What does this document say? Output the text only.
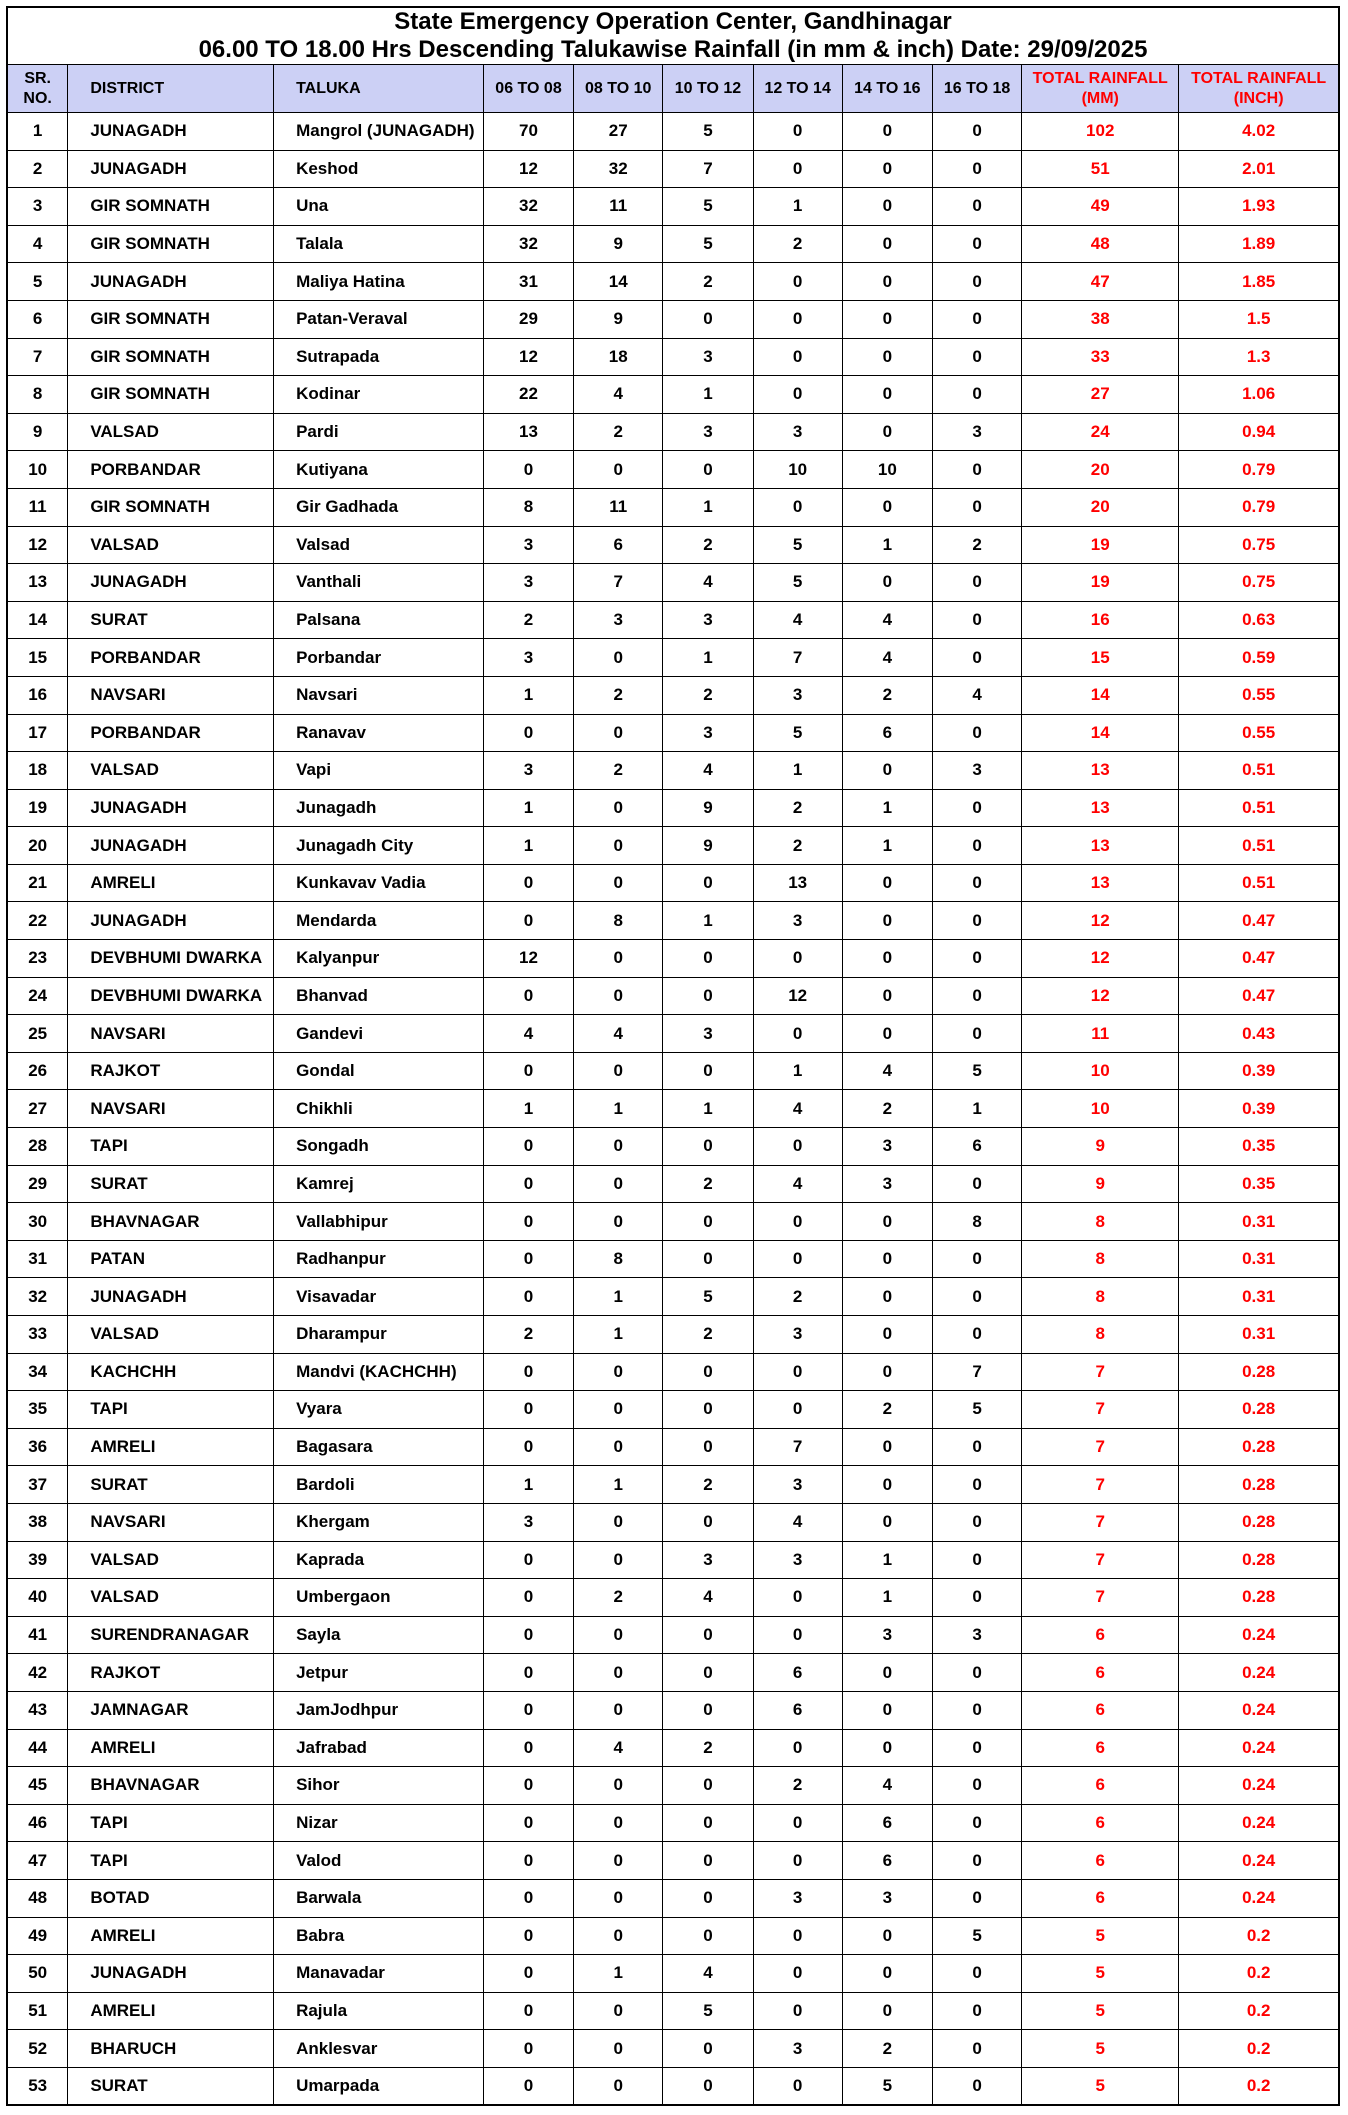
State Emergency Operation Center, Gandhinagar
06.00 TO 18.00 Hrs Descending Talukawise Rainfall (in mm & inch) Date: 29/09/2025
SR. NO.	DISTRICT	TALUKA	06 TO 08	08 TO 10	10 TO 12	12 TO 14	14 TO 16	16 TO 18	TOTAL RAINFALL (MM)	TOTAL RAINFALL (INCH)
1	JUNAGADH	Mangrol (JUNAGADH)	70	27	5	0	0	0	102	4.02
2	JUNAGADH	Keshod	12	32	7	0	0	0	51	2.01
3	GIR SOMNATH	Una	32	11	5	1	0	0	49	1.93
4	GIR SOMNATH	Talala	32	9	5	2	0	0	48	1.89
5	JUNAGADH	Maliya Hatina	31	14	2	0	0	0	47	1.85
6	GIR SOMNATH	Patan-Veraval	29	9	0	0	0	0	38	1.5
7	GIR SOMNATH	Sutrapada	12	18	3	0	0	0	33	1.3
8	GIR SOMNATH	Kodinar	22	4	1	0	0	0	27	1.06
9	VALSAD	Pardi	13	2	3	3	0	3	24	0.94
10	PORBANDAR	Kutiyana	0	0	0	10	10	0	20	0.79
11	GIR SOMNATH	Gir Gadhada	8	11	1	0	0	0	20	0.79
12	VALSAD	Valsad	3	6	2	5	1	2	19	0.75
13	JUNAGADH	Vanthali	3	7	4	5	0	0	19	0.75
14	SURAT	Palsana	2	3	3	4	4	0	16	0.63
15	PORBANDAR	Porbandar	3	0	1	7	4	0	15	0.59
16	NAVSARI	Navsari	1	2	2	3	2	4	14	0.55
17	PORBANDAR	Ranavav	0	0	3	5	6	0	14	0.55
18	VALSAD	Vapi	3	2	4	1	0	3	13	0.51
19	JUNAGADH	Junagadh	1	0	9	2	1	0	13	0.51
20	JUNAGADH	Junagadh City	1	0	9	2	1	0	13	0.51
21	AMRELI	Kunkavav Vadia	0	0	0	13	0	0	13	0.51
22	JUNAGADH	Mendarda	0	8	1	3	0	0	12	0.47
23	DEVBHUMI DWARKA	Kalyanpur	12	0	0	0	0	0	12	0.47
24	DEVBHUMI DWARKA	Bhanvad	0	0	0	12	0	0	12	0.47
25	NAVSARI	Gandevi	4	4	3	0	0	0	11	0.43
26	RAJKOT	Gondal	0	0	0	1	4	5	10	0.39
27	NAVSARI	Chikhli	1	1	1	4	2	1	10	0.39
28	TAPI	Songadh	0	0	0	0	3	6	9	0.35
29	SURAT	Kamrej	0	0	2	4	3	0	9	0.35
30	BHAVNAGAR	Vallabhipur	0	0	0	0	0	8	8	0.31
31	PATAN	Radhanpur	0	8	0	0	0	0	8	0.31
32	JUNAGADH	Visavadar	0	1	5	2	0	0	8	0.31
33	VALSAD	Dharampur	2	1	2	3	0	0	8	0.31
34	KACHCHH	Mandvi (KACHCHH)	0	0	0	0	0	7	7	0.28
35	TAPI	Vyara	0	0	0	0	2	5	7	0.28
36	AMRELI	Bagasara	0	0	0	7	0	0	7	0.28
37	SURAT	Bardoli	1	1	2	3	0	0	7	0.28
38	NAVSARI	Khergam	3	0	0	4	0	0	7	0.28
39	VALSAD	Kaprada	0	0	3	3	1	0	7	0.28
40	VALSAD	Umbergaon	0	2	4	0	1	0	7	0.28
41	SURENDRANAGAR	Sayla	0	0	0	0	3	3	6	0.24
42	RAJKOT	Jetpur	0	0	0	6	0	0	6	0.24
43	JAMNAGAR	JamJodhpur	0	0	0	6	0	0	6	0.24
44	AMRELI	Jafrabad	0	4	2	0	0	0	6	0.24
45	BHAVNAGAR	Sihor	0	0	0	2	4	0	6	0.24
46	TAPI	Nizar	0	0	0	0	6	0	6	0.24
47	TAPI	Valod	0	0	0	0	6	0	6	0.24
48	BOTAD	Barwala	0	0	0	3	3	0	6	0.24
49	AMRELI	Babra	0	0	0	0	0	5	5	0.2
50	JUNAGADH	Manavadar	0	1	4	0	0	0	5	0.2
51	AMRELI	Rajula	0	0	5	0	0	0	5	0.2
52	BHARUCH	Anklesvar	0	0	0	3	2	0	5	0.2
53	SURAT	Umarpada	0	0	0	0	5	0	5	0.2
